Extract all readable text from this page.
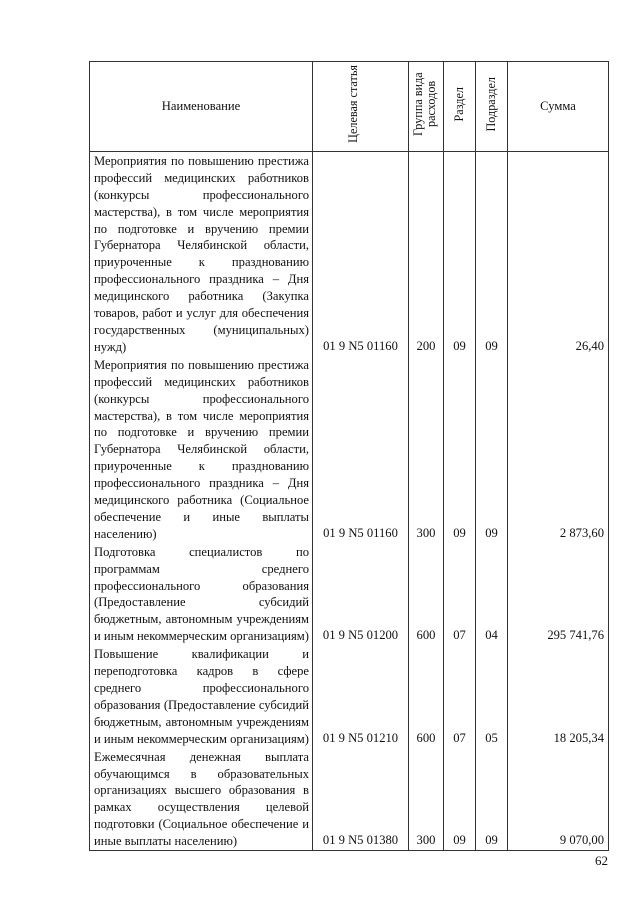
Наименование	Целевая статья	Группа вида расходов	Раздел	Подраздел	Сумма
Мероприятия по повышению престижа профессий медицинских работников (конкурсы профессионального мастерства), в том числе мероприятия по подготовке и вручению премии Губернатора Челябинской области, приуроченные к празднованию профессионального праздника – Дня медицинского работника (Закупка товаров, работ и услуг для обеспечения государственных (муниципальных) нужд)	01 9 N5 01160	200	09	09	26,40
Мероприятия по повышению престижа профессий медицинских работников (конкурсы профессионального мастерства), в том числе мероприятия по подготовке и вручению премии Губернатора Челябинской области, приуроченные к празднованию профессионального праздника – Дня медицинского работника (Социальное обеспечение и иные выплаты населению)	01 9 N5 01160	300	09	09	2 873,60
Подготовка специалистов по программам среднего профессионального образования (Предоставление субсидий бюджетным, автономным учреждениям и иным некоммерческим организациям)	01 9 N5 01200	600	07	04	295 741,76
Повышение квалификации и переподготовка кадров в сфере среднего профессионального образования (Предоставление субсидий бюджетным, автономным учреждениям и иным некоммерческим организациям)	01 9 N5 01210	600	07	05	18 205,34
Ежемесячная денежная выплата обучающимся в образовательных организациях высшего образования в рамках осуществления целевой подготовки (Социальное обеспечение и иные выплаты населению)	01 9 N5 01380	300	09	09	9 070,00
62
